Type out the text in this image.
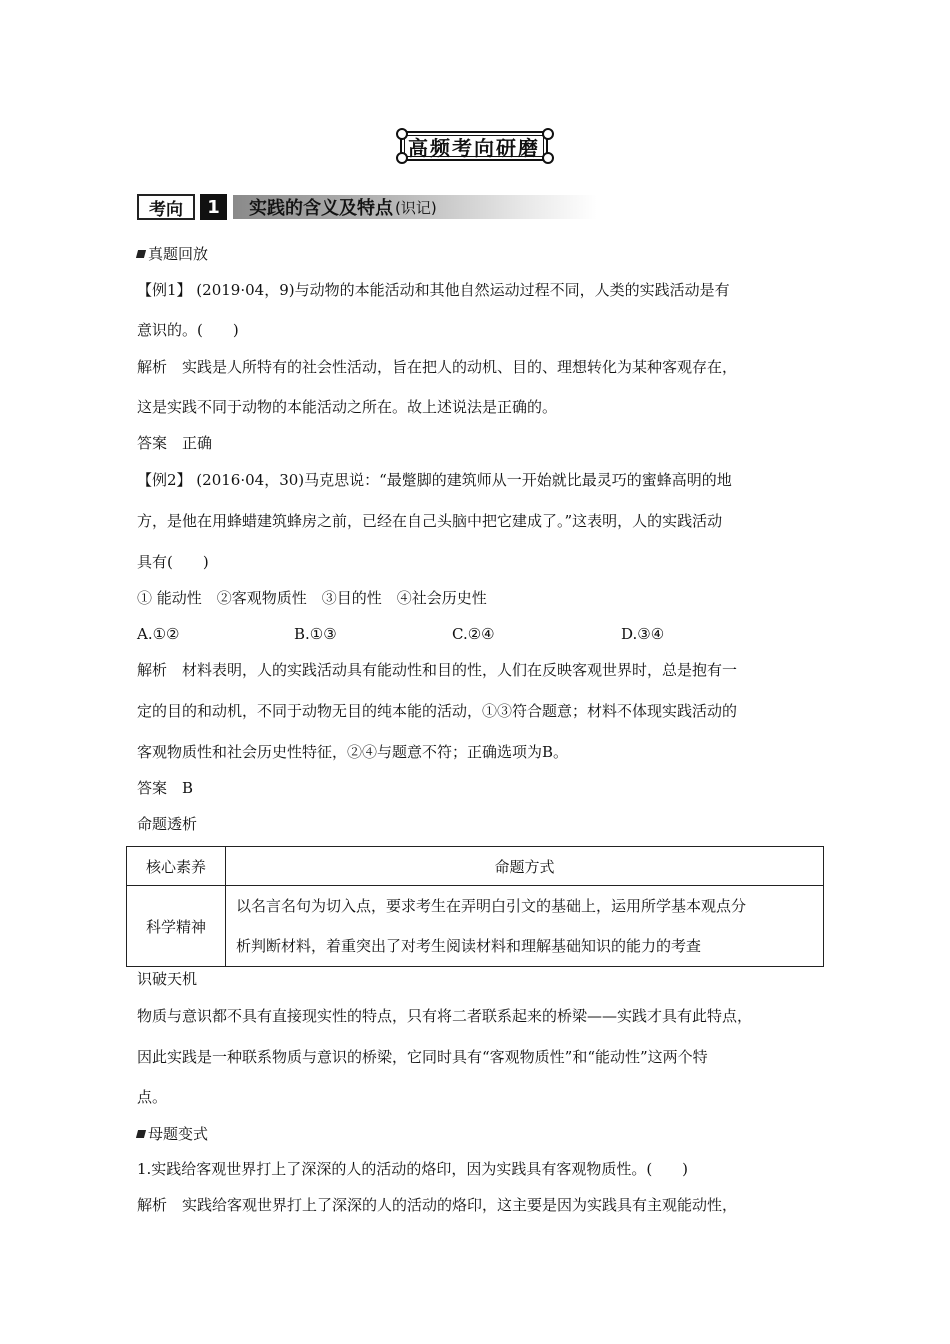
高频考向研磨
考向	1	实践的含义及特点 (识记)
真题回放
【例1】 (2019·04，9)与动物的本能活动和其他自然运动过程不同，人类的实践活动是有
意识的。(　　)
解析　实践是人所特有的社会性活动，旨在把人的动机、目的、理想转化为某种客观存在，
这是实践不同于动物的本能活动之所在。故上述说法是正确的。
答案　正确
【例2】 (2016·04，30)马克思说：“最蹩脚的建筑师从一开始就比最灵巧的蜜蜂高明的地
方，是他在用蜂蜡建筑蜂房之前，已经在自己头脑中把它建成了。”这表明，人的实践活动
具有(　　)
① 能动性　②客观物质性　③目的性　④社会历史性
A.①②	B.①③	C.②④	D.③④
解析　材料表明，人的实践活动具有能动性和目的性，人们在反映客观世界时，总是抱有一
定的目的和动机，不同于动物无目的纯本能的活动，①③符合题意；材料不体现实践活动的
客观物质性和社会历史性特征，②④与题意不符；正确选项为B。
答案　B
命题透析
核心素养	命题方式
科学精神	以名言名句为切入点，要求考生在弄明白引文的基础上，运用所学基本观点分
析判断材料，着重突出了对考生阅读材料和理解基础知识的能力的考查
识破天机
物质与意识都不具有直接现实性的特点，只有将二者联系起来的桥梁——实践才具有此特点，
因此实践是一种联系物质与意识的桥梁，它同时具有“客观物质性”和“能动性”这两个特
点。
母题变式
1.实践给客观世界打上了深深的人的活动的烙印，因为实践具有客观物质性。(　　)
解析　实践给客观世界打上了深深的人的活动的烙印，这主要是因为实践具有主观能动性，
